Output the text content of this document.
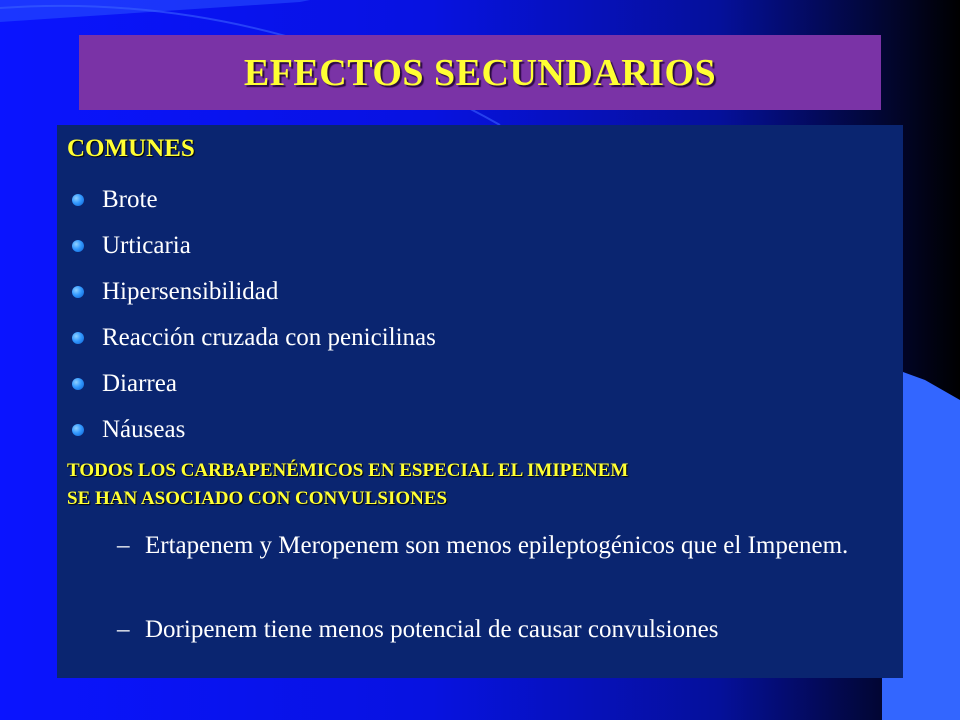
EFECTOS SECUNDARIOS
COMUNES
Brote
Urticaria
Hipersensibilidad
Reacción cruzada con penicilinas
Diarrea
Náuseas
TODOS LOS CARBAPENÉMICOS EN ESPECIAL EL IMIPENEM
SE HAN ASOCIADO CON CONVULSIONES
– Ertapenem y Meropenem son menos epileptogénicos que el Impenem.
– Doripenem tiene menos potencial de causar convulsiones
